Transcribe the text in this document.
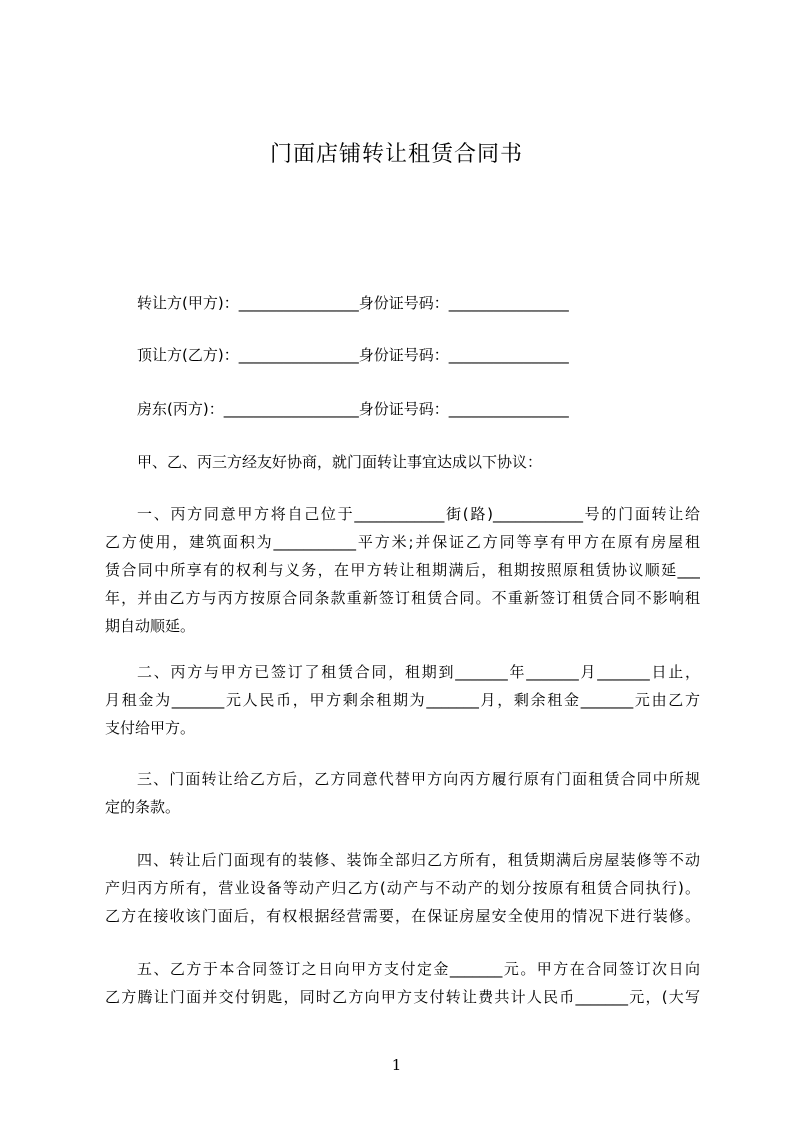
门面店铺转让租赁合同书
转让方(甲方)：________________身份证号码：________________
顶让方(乙方)：________________身份证号码：________________
房东(丙方)：__________________身份证号码：________________
甲、乙、丙三方经友好协商，就门面转让事宜达成以下协议：
一、丙方同意甲方将自己位于____________街(路)____________号的门面转让给
乙方使用，建筑面积为___________平方米;并保证乙方同等享有甲方在原有房屋租
赁合同中所享有的权利与义务，在甲方转让租期满后，租期按照原租赁协议顺延___
年，并由乙方与丙方按原合同条款重新签订租赁合同。不重新签订租赁合同不影响租
期自动顺延。
二、丙方与甲方已签订了租赁合同，租期到_______年_______月_______日止，
月租金为_______元人民币，甲方剩余租期为_______月，剩余租金_______元由乙方
支付给甲方。
三、门面转让给乙方后，乙方同意代替甲方向丙方履行原有门面租赁合同中所规
定的条款。
四、转让后门面现有的装修、装饰全部归乙方所有，租赁期满后房屋装修等不动
产归丙方所有，营业设备等动产归乙方(动产与不动产的划分按原有租赁合同执行)。
乙方在接收该门面后，有权根据经营需要，在保证房屋安全使用的情况下进行装修。
五、乙方于本合同签订之日向甲方支付定金_______元。甲方在合同签订次日向
乙方腾让门面并交付钥匙，同时乙方向甲方支付转让费共计人民币_______元，(大写
1
